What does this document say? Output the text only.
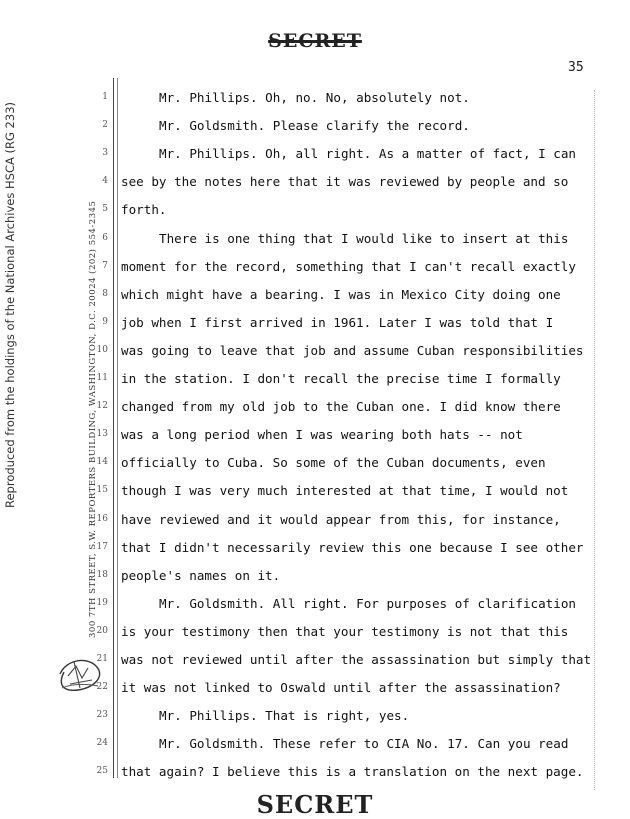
SECRET
35
Reproduced from the holdings of the National Archives HSCA (RG 233)	300 7TH STREET, S.W. REPORTERS BUILDING, WASHINGTON, D.C. 20024 (202) 554-2345
1	Mr. Phillips. Oh, no. No, absolutely not.
2	Mr. Goldsmith. Please clarify the record.
3	Mr. Phillips. Oh, all right. As a matter of fact, I can
4 see by the notes here that it was reviewed by people and so
5 forth.
6	There is one thing that I would like to insert at this
7 moment for the record, something that I can't recall exactly
8 which might have a bearing. I was in Mexico City doing one
9 job when I first arrived in 1961. Later I was told that I
10 was going to leave that job and assume Cuban responsibilities
11 in the station. I don't recall the precise time I formally
12 changed from my old job to the Cuban one. I did know there
13 was a long period when I was wearing both hats -- not
14 officially to Cuba. So some of the Cuban documents, even
15 though I was very much interested at that time, I would not
16 have reviewed and it would appear from this, for instance,
17 that I didn't necessarily review this one because I see other
18 people's names on it.
19	Mr. Goldsmith. All right. For purposes of clarification
20 is your testimony then that your testimony is not that this
21 was not reviewed until after the assassination but simply that
22 it was not linked to Oswald until after the assassination?
23	Mr. Phillips. That is right, yes.
24	Mr. Goldsmith. These refer to CIA No. 17. Can you read
25 that again? I believe this is a translation on the next page.
SECRET
